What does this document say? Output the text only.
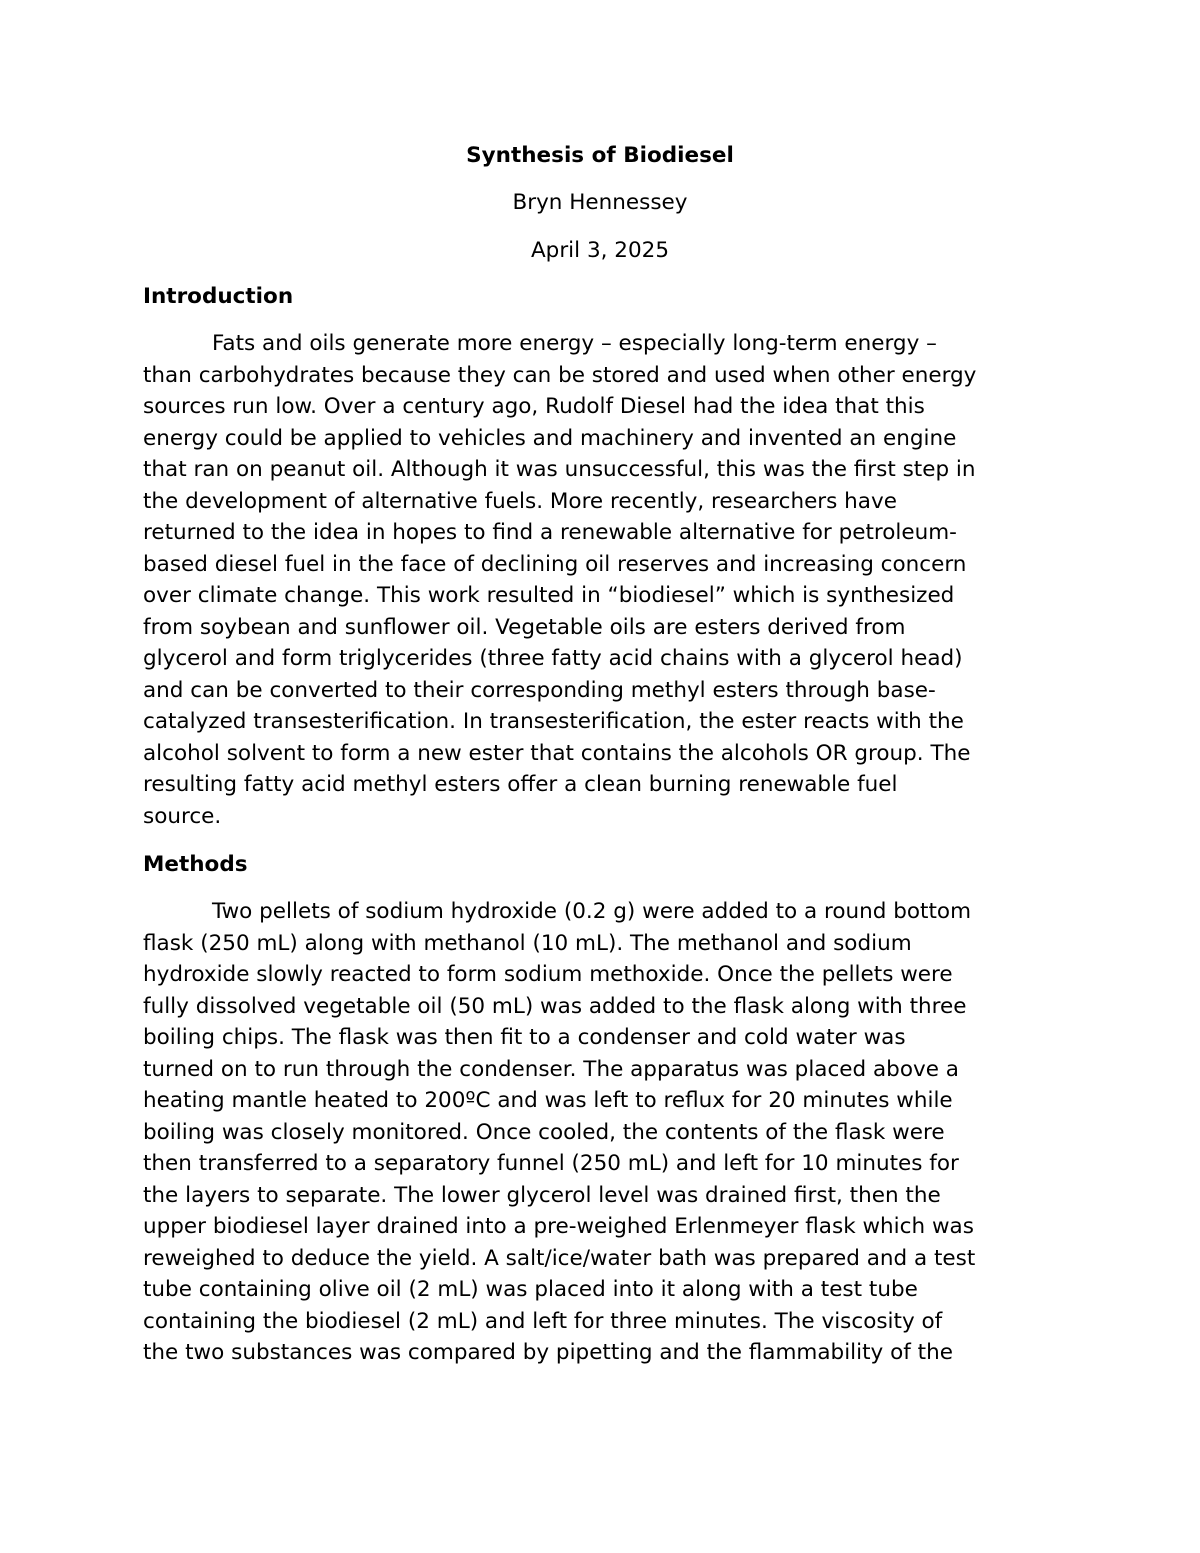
Synthesis of Biodiesel

Bryn Hennessey

April 3, 2025

Introduction
Fats and oils generate more energy – especially long-term energy –
than carbohydrates because they can be stored and used when other energy
sources run low. Over a century ago, Rudolf Diesel had the idea that this
energy could be applied to vehicles and machinery and invented an engine
that ran on peanut oil. Although it was unsuccessful, this was the first step in
the development of alternative fuels. More recently, researchers have
returned to the idea in hopes to find a renewable alternative for petroleum-
based diesel fuel in the face of declining oil reserves and increasing concern
over climate change. This work resulted in “biodiesel” which is synthesized
from soybean and sunflower oil. Vegetable oils are esters derived from
glycerol and form triglycerides (three fatty acid chains with a glycerol head)
and can be converted to their corresponding methyl esters through base-
catalyzed transesterification. In transesterification, the ester reacts with the
alcohol solvent to form a new ester that contains the alcohols OR group. The
resulting fatty acid methyl esters offer a clean burning renewable fuel
source.
Methods
Two pellets of sodium hydroxide (0.2 g) were added to a round bottom
flask (250 mL) along with methanol (10 mL). The methanol and sodium
hydroxide slowly reacted to form sodium methoxide. Once the pellets were
fully dissolved vegetable oil (50 mL) was added to the flask along with three
boiling chips. The flask was then fit to a condenser and cold water was
turned on to run through the condenser. The apparatus was placed above a
heating mantle heated to 200ºC and was left to reflux for 20 minutes while
boiling was closely monitored. Once cooled, the contents of the flask were
then transferred to a separatory funnel (250 mL) and left for 10 minutes for
the layers to separate. The lower glycerol level was drained first, then the
upper biodiesel layer drained into a pre-weighed Erlenmeyer flask which was
reweighed to deduce the yield. A salt/ice/water bath was prepared and a test
tube containing olive oil (2 mL) was placed into it along with a test tube
containing the biodiesel (2 mL) and left for three minutes. The viscosity of
the two substances was compared by pipetting and the flammability of the
